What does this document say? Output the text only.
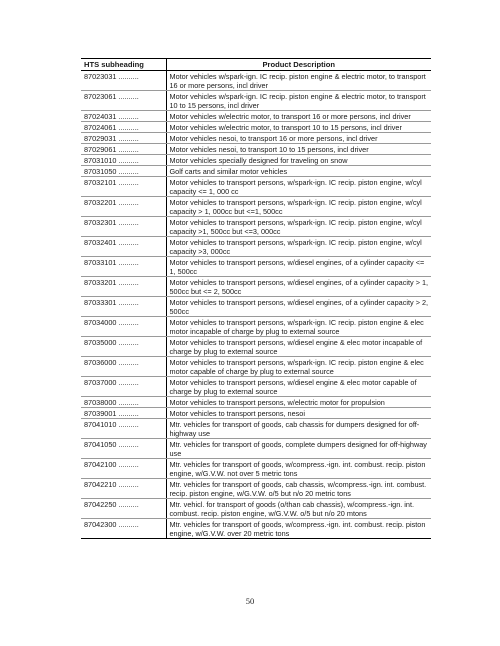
HTS subheading	Product Description
87023031 ..........	Motor vehicles w/spark-ign. IC recip. piston engine & electric motor, to transport 16 or more persons, incl driver
87023061 ..........	Motor vehicles w/spark-ign. IC recip. piston engine & electric motor, to transport 10 to 15 persons, incl driver
87024031 ..........	Motor vehicles w/electric motor, to transport 16 or more persons, incl driver
87024061 ..........	Motor vehicles w/electric motor, to transport 10 to 15 persons, incl driver
87029031 ..........	Motor vehicles nesoi, to transport 16 or more persons, incl driver
87029061 ..........	Motor vehicles nesoi, to transport 10 to 15 persons, incl driver
87031010 ..........	Motor vehicles specially designed for traveling on snow
87031050 ..........	Golf carts and similar motor vehicles
87032101 ..........	Motor vehicles to transport persons, w/spark-ign. IC recip. piston engine, w/cyl capacity <= 1, 000 cc
87032201 ..........	Motor vehicles to transport persons, w/spark-ign. IC recip. piston engine, w/cyl capacity > 1, 000cc but <=1, 500cc
87032301 ..........	Motor vehicles to transport persons, w/spark-ign. IC recip. piston engine, w/cyl capacity >1, 500cc but <=3, 000cc
87032401 ..........	Motor vehicles to transport persons, w/spark-ign. IC recip. piston engine, w/cyl capacity >3, 000cc
87033101 ..........	Motor vehicles to transport persons, w/diesel engines, of a cylinder capacity <= 1, 500cc
87033201 ..........	Motor vehicles to transport persons, w/diesel engines, of a cylinder capacity > 1, 500cc but <= 2, 500cc
87033301 ..........	Motor vehicles to transport persons, w/diesel engines, of a cylinder capacity > 2, 500cc
87034000 ..........	Motor vehicles to transport persons, w/spark-ign. IC recip. piston engine & elec motor incapable of charge by plug to external source
87035000 ..........	Motor vehicles to transport persons, w/diesel engine & elec motor incapable of charge by plug to external source
87036000 ..........	Motor vehicles to transport persons, w/spark-ign. IC recip. piston engine & elec motor capable of charge by plug to external source
87037000 ..........	Motor vehicles to transport persons, w/diesel engine & elec motor capable of charge by plug to external source
87038000 ..........	Motor vehicles to transport persons, w/electric motor for propulsion
87039001 ..........	Motor vehicles to transport persons, nesoi
87041010 ..........	Mtr. vehicles for transport of goods, cab chassis for dumpers designed for off-highway use
87041050 ..........	Mtr. vehicles for transport of goods, complete dumpers designed for off-highway use
87042100 ..........	Mtr. vehicles for transport of goods, w/compress.-ign. int. combust. recip. piston engine, w/G.V.W. not over 5 metric tons
87042210 ..........	Mtr. vehicles for transport of goods, cab chassis, w/compress.-ign. int. combust. recip. piston engine, w/G.V.W. o/5 but n/o 20 metric tons
87042250 ..........	Mtr. vehicl. for transport of goods (o/than cab chassis), w/compress.-ign. int. combust. recip. piston engine, w/G.V.W. o/5 but n/o 20 mtons
87042300 ..........	Mtr. vehicles for transport of goods, w/compress.-ign. int. combust. recip. piston engine, w/G.V.W. over 20 metric tons
50
